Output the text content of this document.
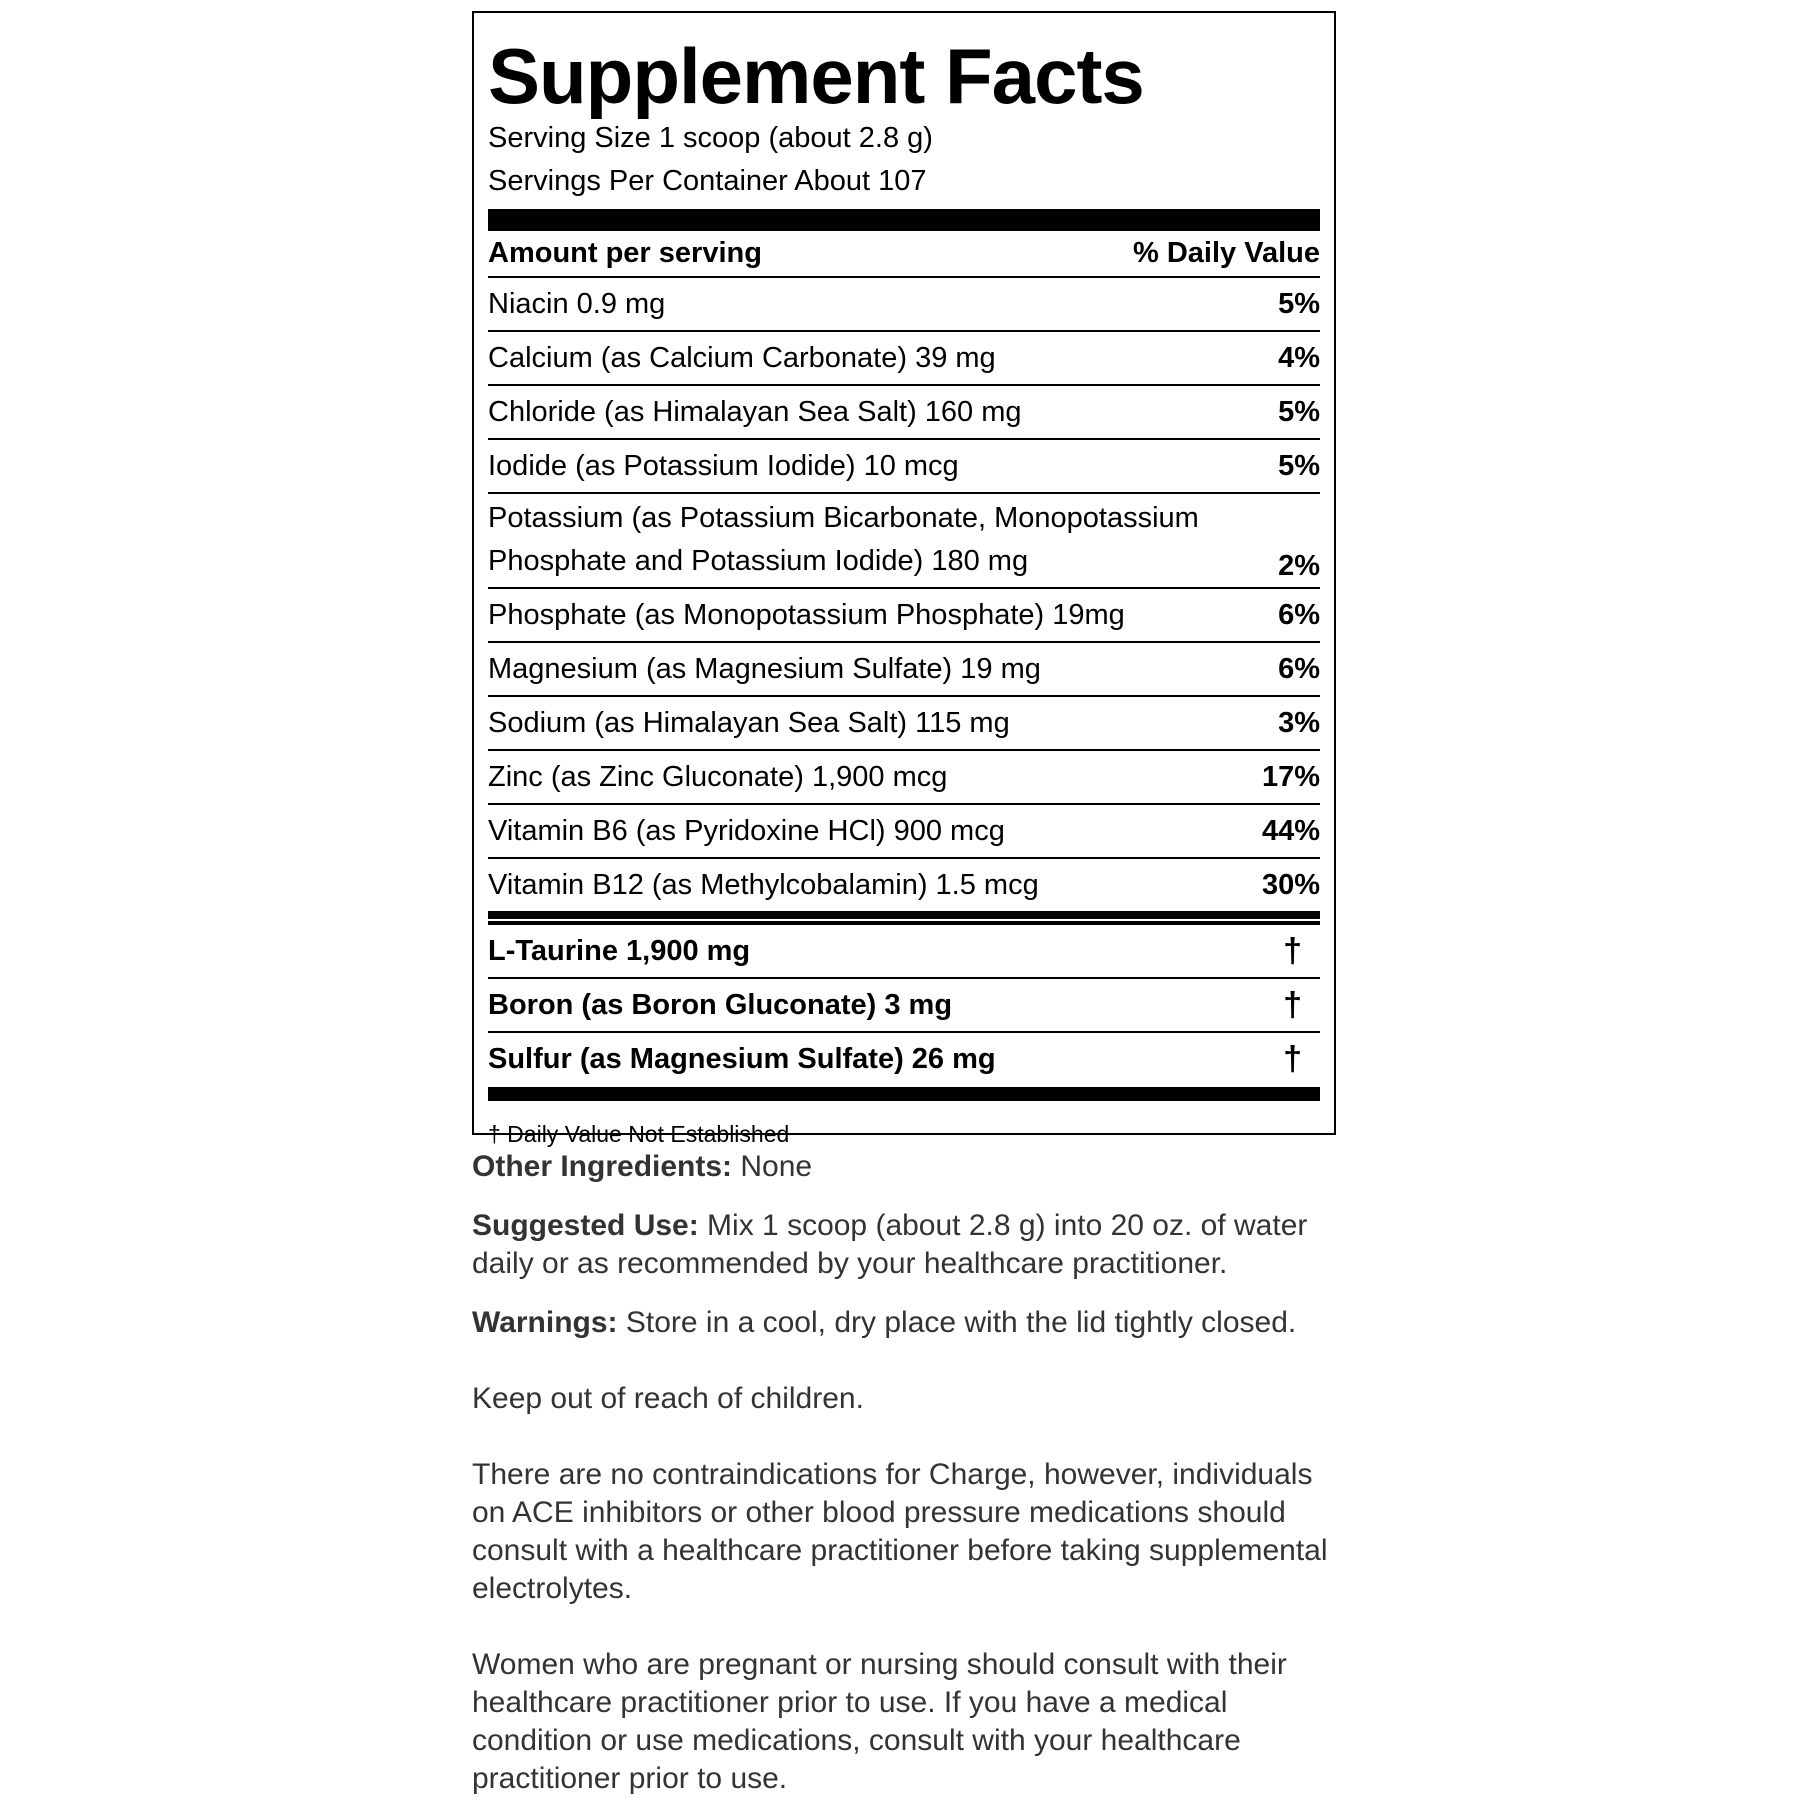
Supplement Facts
Serving Size 1 scoop (about 2.8 g)
Servings Per Container About 107
Amount per serving	% Daily Value
Niacin 0.9 mg	5%
Calcium (as Calcium Carbonate) 39 mg	4%
Chloride (as Himalayan Sea Salt) 160 mg	5%
Iodide (as Potassium Iodide) 10 mcg	5%
Potassium (as Potassium Bicarbonate, Monopotassium Phosphate and Potassium Iodide) 180 mg	2%
Phosphate (as Monopotassium Phosphate) 19mg	6%
Magnesium (as Magnesium Sulfate) 19 mg	6%
Sodium (as Himalayan Sea Salt) 115 mg	3%
Zinc (as Zinc Gluconate) 1,900 mcg	17%
Vitamin B6 (as Pyridoxine HCl) 900 mcg	44%
Vitamin B12 (as Methylcobalamin) 1.5 mcg	30%
L-Taurine 1,900 mg	†
Boron (as Boron Gluconate) 3 mg	†
Sulfur (as Magnesium Sulfate) 26 mg	†
† Daily Value Not Established

Other Ingredients: None

Suggested Use: Mix 1 scoop (about 2.8 g) into 20 oz. of water daily or as recommended by your healthcare practitioner.

Warnings: Store in a cool, dry place with the lid tightly closed.

Keep out of reach of children.

There are no contraindications for Charge, however, individuals on ACE inhibitors or other blood pressure medications should consult with a healthcare practitioner before taking supplemental electrolytes.

Women who are pregnant or nursing should consult with their healthcare practitioner prior to use. If you have a medical condition or use medications, consult with your healthcare practitioner prior to use.
